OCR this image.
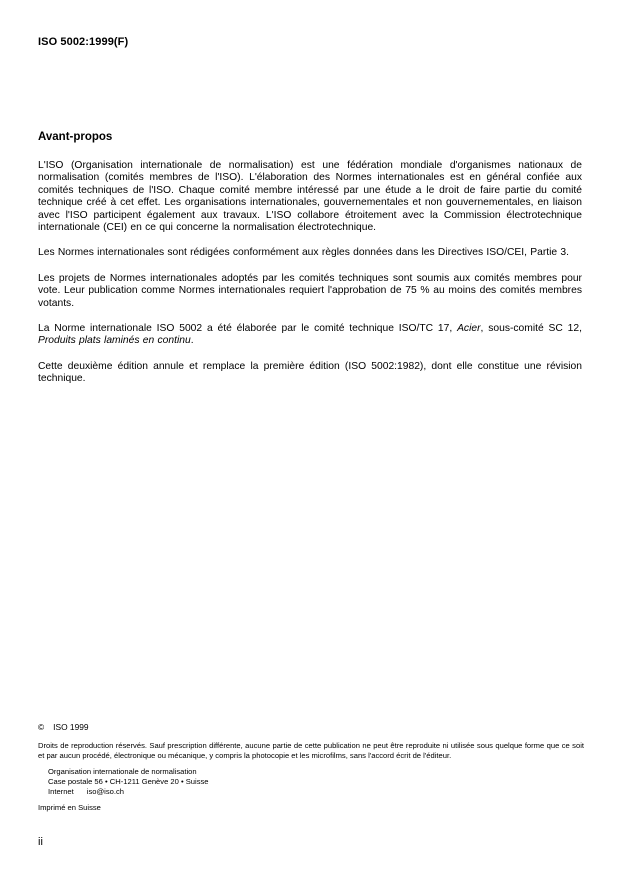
ISO 5002:1999(F)
Avant-propos

L'ISO (Organisation internationale de normalisation) est une fédération mondiale d'organismes nationaux de normalisation (comités membres de l'ISO). L'élaboration des Normes internationales est en général confiée aux comités techniques de l'ISO. Chaque comité membre intéressé par une étude a le droit de faire partie du comité technique créé à cet effet. Les organisations internationales, gouvernementales et non gouvernementales, en liaison avec l'ISO participent également aux travaux. L'ISO collabore étroitement avec la Commission électrotechnique internationale (CEI) en ce qui concerne la normalisation électrotechnique.

Les Normes internationales sont rédigées conformément aux règles données dans les Directives ISO/CEI, Partie 3.

Les projets de Normes internationales adoptés par les comités techniques sont soumis aux comités membres pour vote. Leur publication comme Normes internationales requiert l'approbation de 75 % au moins des comités membres votants.

La Norme internationale ISO 5002 a été élaborée par le comité technique ISO/TC 17, Acier, sous-comité SC 12, Produits plats laminés en continu.

Cette deuxième édition annule et remplace la première édition (ISO 5002:1982), dont elle constitue une révision technique.

© ISO 1999

Droits de reproduction réservés. Sauf prescription différente, aucune partie de cette publication ne peut être reproduite ni utilisée sous quelque forme que ce soit et par aucun procédé, électronique ou mécanique, y compris la photocopie et les microfilms, sans l'accord écrit de l'éditeur.

Organisation internationale de normalisation
Case postale 56 • CH-1211 Genève 20 • Suisse
Internet iso@iso.ch
Imprimé en Suisse
ii
